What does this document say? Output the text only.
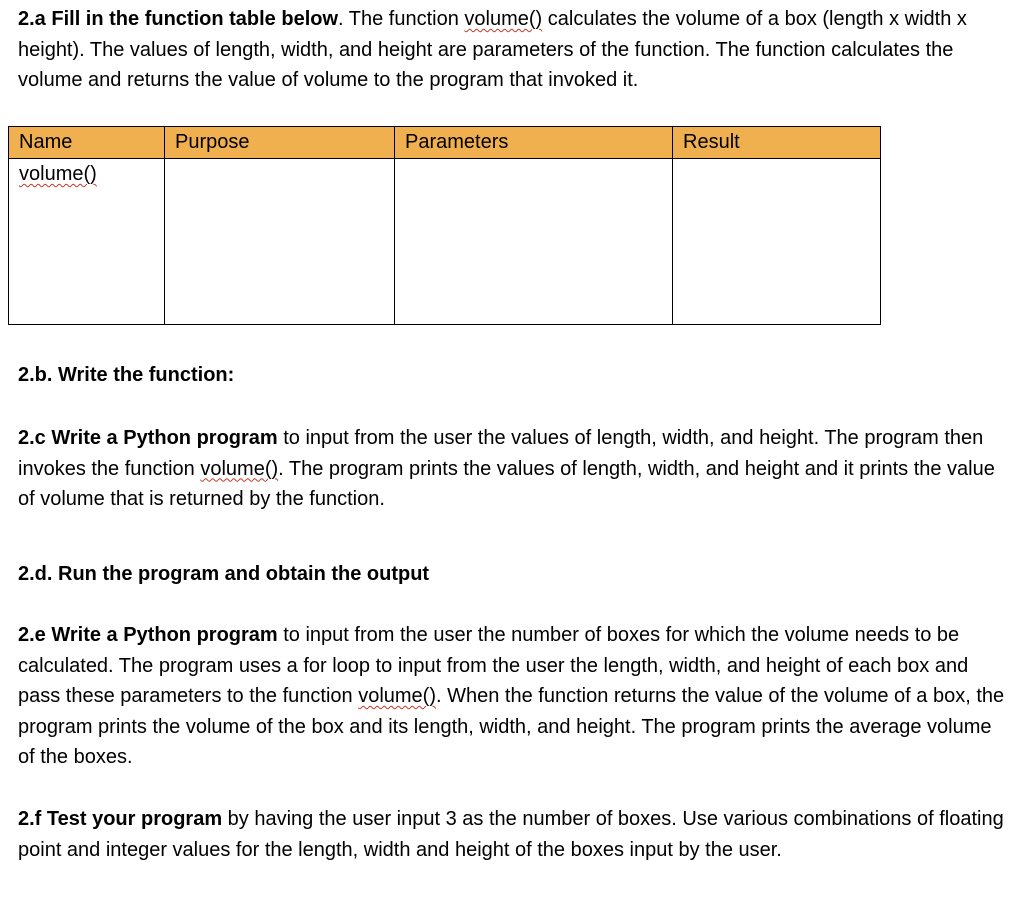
2.a Fill in the function table below. The function volume() calculates the volume of a box (length x width x height). The values of length, width, and height are parameters of the function. The function calculates the volume and returns the value of volume to the program that invoked it.

Name	Purpose	Parameters	Result
volume()			

2.b. Write the function:

2.c Write a Python program to input from the user the values of length, width, and height. The program then invokes the function volume(). The program prints the values of length, width, and height and it prints the value of volume that is returned by the function.

2.d. Run the program and obtain the output

2.e Write a Python program to input from the user the number of boxes for which the volume needs to be calculated. The program uses a for loop to input from the user the length, width, and height of each box and pass these parameters to the function volume(). When the function returns the value of the volume of a box, the program prints the volume of the box and its length, width, and height. The program prints the average volume of the boxes.

2.f Test your program by having the user input 3 as the number of boxes. Use various combinations of floating point and integer values for the length, width and height of the boxes input by the user.
